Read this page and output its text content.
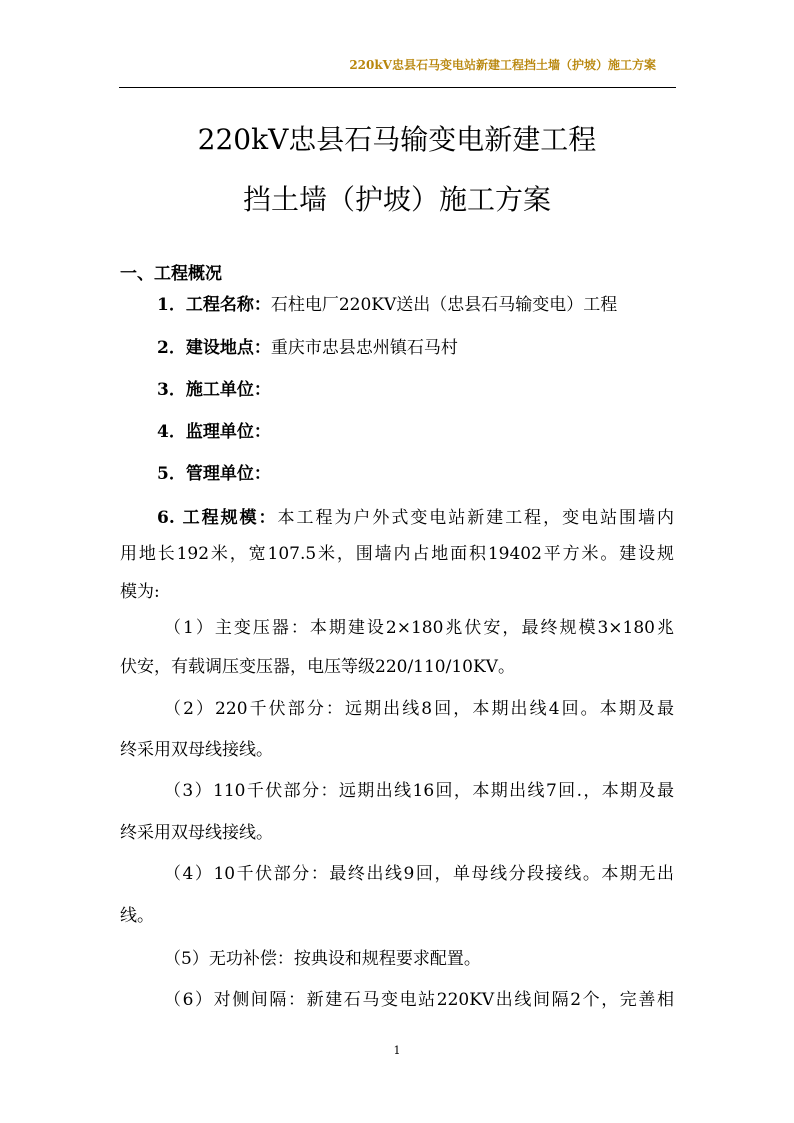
220kV忠县石马变电站新建工程挡土墙（护坡）施工方案
220kV忠县石马输变电新建工程
挡土墙（护坡）施工方案
一、工程概况
1．工程名称：石柱电厂220KV送出（忠县石马输变电）工程
2．建设地点：重庆市忠县忠州镇石马村
3．施工单位：
4．监理单位：
5．管理单位：
6. 工程规模：本工程为户外式变电站新建工程，变电站围墙内
用地长192米，宽107.5米，围墙内占地面积19402平方米。建设规
模为:
（1）主变压器：本期建设2×180兆伏安，最终规模3×180兆
伏安，有载调压变压器，电压等级220/110/10KV。
（2）220千伏部分：远期出线8回，本期出线4回。本期及最
终采用双母线接线。
（3）110千伏部分：远期出线16回，本期出线7回.，本期及最
终采用双母线接线。
（4）10千伏部分：最终出线9回，单母线分段接线。本期无出
线。
（5）无功补偿：按典设和规程要求配置。
（6）对侧间隔：新建石马变电站220KV出线间隔2个，完善相
1
